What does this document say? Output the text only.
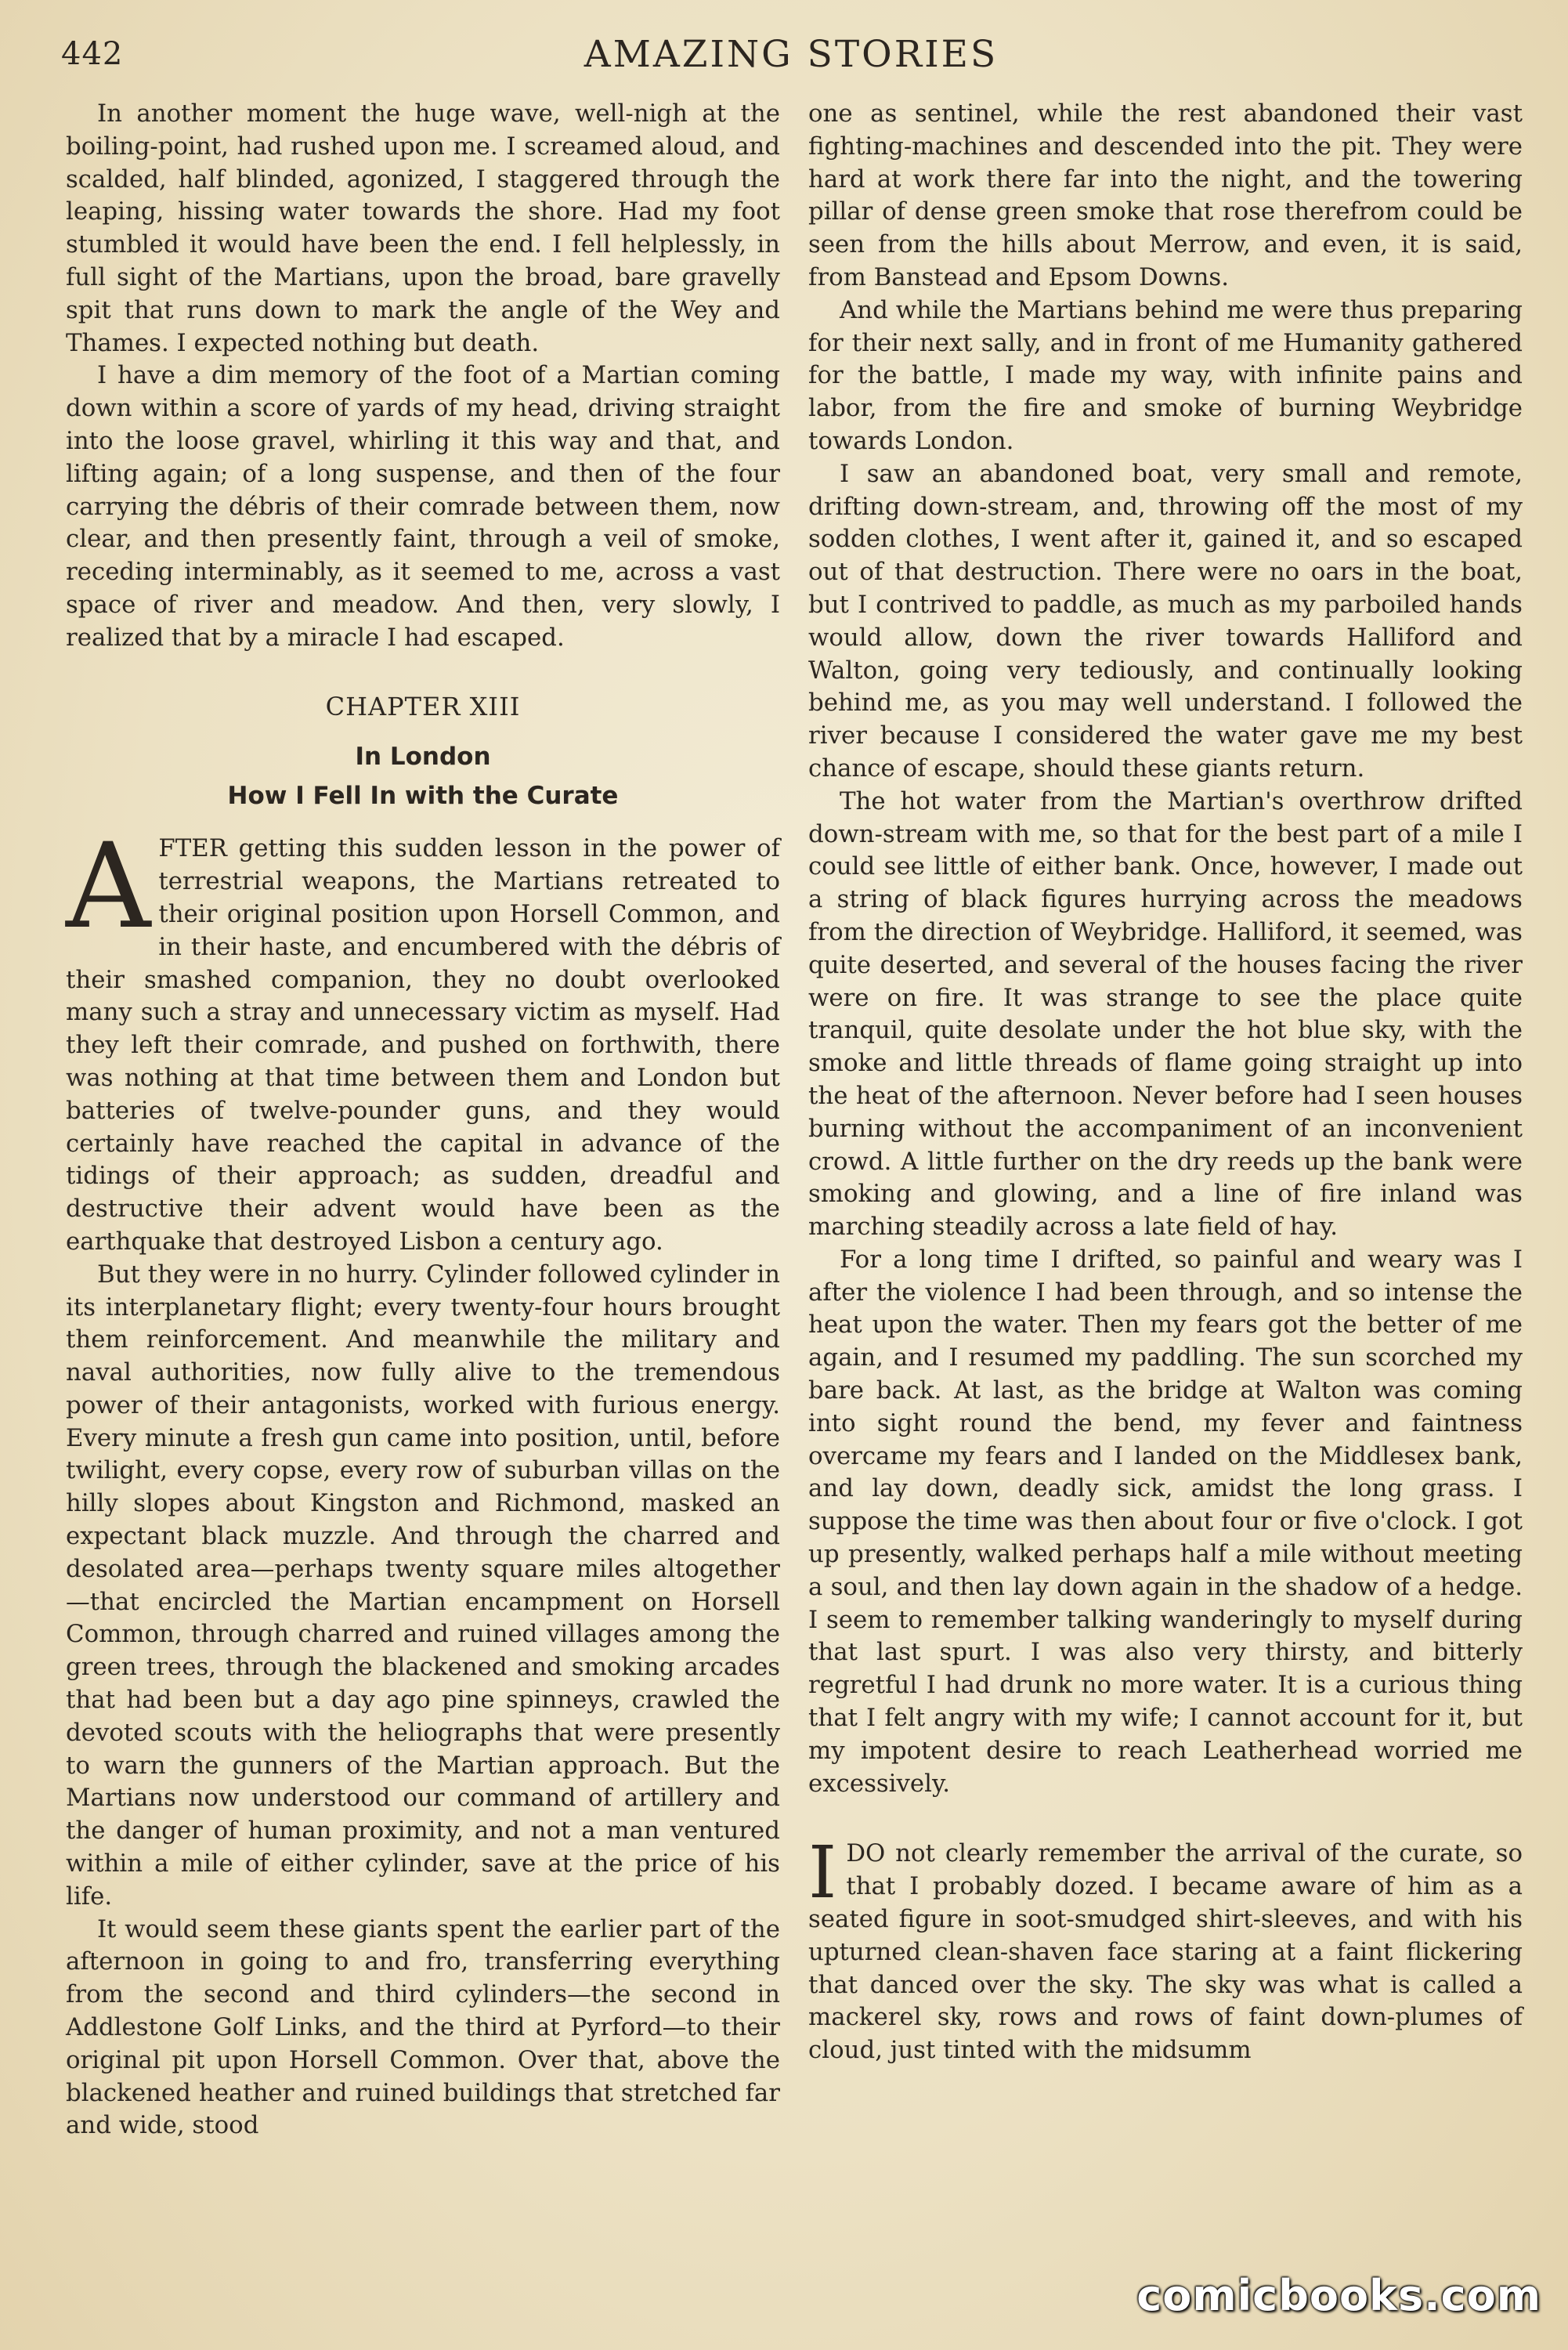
442	AMAZING STORIES

In another moment the huge wave, well-nigh at the boiling-point, had rushed upon me. I screamed aloud, and scalded, half blinded, agonized, I staggered through the leaping, hissing water towards the shore. Had my foot stumbled it would have been the end. I fell helplessly, in full sight of the Martians, upon the broad, bare gravelly spit that runs down to mark the angle of the Wey and Thames. I expected nothing but death.

I have a dim memory of the foot of a Martian coming down within a score of yards of my head, driving straight into the loose gravel, whirling it this way and that, and lifting again; of a long suspense, and then of the four carrying the débris of their comrade between them, now clear, and then presently faint, through a veil of smoke, receding interminably, as it seemed to me, across a vast space of river and meadow. And then, very slowly, I realized that by a miracle I had escaped.

CHAPTER XIII
In London
How I Fell In with the Curate

AFTER getting this sudden lesson in the power of terrestrial weapons, the Martians retreated to their original position upon Horsell Common, and in their haste, and encumbered with the débris of their smashed companion, they no doubt overlooked many such a stray and unnecessary victim as myself. Had they left their comrade, and pushed on forthwith, there was nothing at that time between them and London but batteries of twelve-pounder guns, and they would certainly have reached the capital in advance of the tidings of their approach; as sudden, dreadful and destructive their advent would have been as the earthquake that destroyed Lisbon a century ago.

But they were in no hurry. Cylinder followed cylinder in its interplanetary flight; every twenty-four hours brought them reinforcement. And meanwhile the military and naval authorities, now fully alive to the tremendous power of their antagonists, worked with furious energy. Every minute a fresh gun came into position, until, before twilight, every copse, every row of suburban villas on the hilly slopes about Kingston and Richmond, masked an expectant black muzzle. And through the charred and desolated area—perhaps twenty square miles altogether—that encircled the Martian encampment on Horsell Common, through charred and ruined villages among the green trees, through the blackened and smoking arcades that had been but a day ago pine spinneys, crawled the devoted scouts with the heliographs that were presently to warn the gunners of the Martian approach. But the Martians now understood our command of artillery and the danger of human proximity, and not a man ventured within a mile of either cylinder, save at the price of his life.

It would seem these giants spent the earlier part of the afternoon in going to and fro, transferring everything from the second and third cylinders—the second in Addlestone Golf Links, and the third at Pyrford—to their original pit upon Horsell Common. Over that, above the blackened heather and ruined buildings that stretched far and wide, stood

one as sentinel, while the rest abandoned their vast fighting-machines and descended into the pit. They were hard at work there far into the night, and the towering pillar of dense green smoke that rose therefrom could be seen from the hills about Merrow, and even, it is said, from Banstead and Epsom Downs.

And while the Martians behind me were thus preparing for their next sally, and in front of me Humanity gathered for the battle, I made my way, with infinite pains and labor, from the fire and smoke of burning Weybridge towards London.

I saw an abandoned boat, very small and remote, drifting down-stream, and, throwing off the most of my sodden clothes, I went after it, gained it, and so escaped out of that destruction. There were no oars in the boat, but I contrived to paddle, as much as my parboiled hands would allow, down the river towards Halliford and Walton, going very tediously, and continually looking behind me, as you may well understand. I followed the river because I considered the water gave me my best chance of escape, should these giants return.

The hot water from the Martian's overthrow drifted down-stream with me, so that for the best part of a mile I could see little of either bank. Once, however, I made out a string of black figures hurrying across the meadows from the direction of Weybridge. Halliford, it seemed, was quite deserted, and several of the houses facing the river were on fire. It was strange to see the place quite tranquil, quite desolate under the hot blue sky, with the smoke and little threads of flame going straight up into the heat of the afternoon. Never before had I seen houses burning without the accompaniment of an inconvenient crowd. A little further on the dry reeds up the bank were smoking and glowing, and a line of fire inland was marching steadily across a late field of hay.

For a long time I drifted, so painful and weary was I after the violence I had been through, and so intense the heat upon the water. Then my fears got the better of me again, and I resumed my paddling. The sun scorched my bare back. At last, as the bridge at Walton was coming into sight round the bend, my fever and faintness overcame my fears and I landed on the Middlesex bank, and lay down, deadly sick, amidst the long grass. I suppose the time was then about four or five o'clock. I got up presently, walked perhaps half a mile without meeting a soul, and then lay down again in the shadow of a hedge. I seem to remember talking wanderingly to myself during that last spurt. I was also very thirsty, and bitterly regretful I had drunk no more water. It is a curious thing that I felt angry with my wife; I cannot account for it, but my impotent desire to reach Leatherhead worried me excessively.

IDO not clearly remember the arrival of the curate, so that I probably dozed. I became aware of him as a seated figure in soot-smudged shirt-sleeves, and with his upturned clean-shaven face staring at a faint flickering that danced over the sky. The sky was what is called a mackerel sky, rows and rows of faint down-plumes of cloud, just tinted with the midsumm

comicbooks.com
